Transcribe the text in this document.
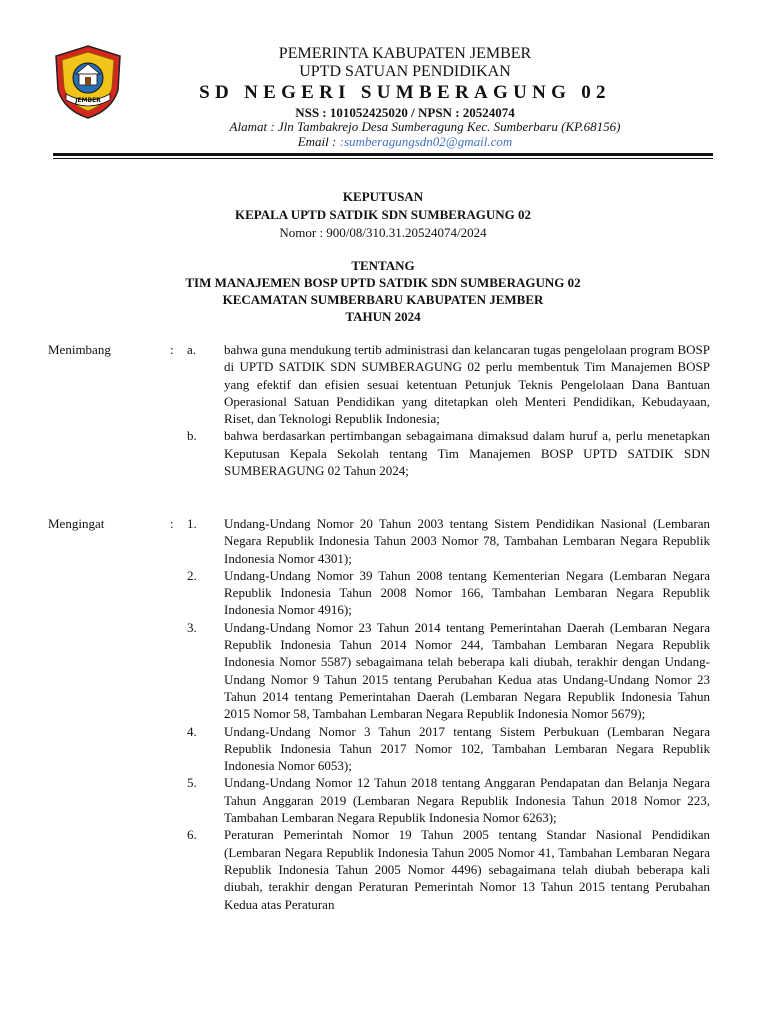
JEMBER
PEMERINTA KABUPATEN JEMBER
UPTD SATUAN PENDIDIKAN
SD NEGERI SUMBERAGUNG 02
NSS : 101052425020 / NPSN : 20524074
Alamat : Jln Tambakrejo Desa Sumberagung Kec. Sumberbaru (KP.68156)
Email : :sumberagungsdn02@gmail.com
KEPUTUSAN
KEPALA UPTD SATDIK SDN SUMBERAGUNG 02
Nomor : 900/08/310.31.20524074/2024
TENTANG
TIM MANAJEMEN BOSP UPTD SATDIK SDN SUMBERAGUNG 02
KECAMATAN SUMBERBARU KABUPATEN JEMBER
TAHUN 2024
Menimbang	: a. bahwa guna mendukung tertib administrasi dan kelancaran tugas pengelolaan program BOSP di UPTD SATDIK SDN SUMBERAGUNG 02 perlu membentuk Tim Manajemen BOSP yang efektif dan efisien sesuai ketentuan Petunjuk Teknis Pengelolaan Dana Bantuan Operasional Satuan Pendidikan yang ditetapkan oleh Menteri Pendidikan, Kebudayaan, Riset, dan Teknologi Republik Indonesia;
b. bahwa berdasarkan pertimbangan sebagaimana dimaksud dalam huruf a, perlu menetapkan Keputusan Kepala Sekolah tentang Tim Manajemen BOSP UPTD SATDIK SDN SUMBERAGUNG 02 Tahun 2024;
Mengingat	: 1. Undang-Undang Nomor 20 Tahun 2003 tentang Sistem Pendidikan Nasional (Lembaran Negara Republik Indonesia Tahun 2003 Nomor 78, Tambahan Lembaran Negara Republik Indonesia Nomor 4301);
2. Undang-Undang Nomor 39 Tahun 2008 tentang Kementerian Negara (Lembaran Negara Republik Indonesia Tahun 2008 Nomor 166, Tambahan Lembaran Negara Republik Indonesia Nomor 4916);
3. Undang-Undang Nomor 23 Tahun 2014 tentang Pemerintahan Daerah (Lembaran Negara Republik Indonesia Tahun 2014 Nomor 244, Tambahan Lembaran Negara Republik Indonesia Nomor 5587) sebagaimana telah beberapa kali diubah, terakhir dengan Undang-Undang Nomor 9 Tahun 2015 tentang Perubahan Kedua atas Undang-Undang Nomor 23 Tahun 2014 tentang Pemerintahan Daerah (Lembaran Negara Republik Indonesia Tahun 2015 Nomor 58, Tambahan Lembaran Negara Republik Indonesia Nomor 5679);
4. Undang-Undang Nomor 3 Tahun 2017 tentang Sistem Perbukuan (Lembaran Negara Republik Indonesia Tahun 2017 Nomor 102, Tambahan Lembaran Negara Republik Indonesia Nomor 6053);
5. Undang-Undang Nomor 12 Tahun 2018 tentang Anggaran Pendapatan dan Belanja Negara Tahun Anggaran 2019 (Lembaran Negara Republik Indonesia Tahun 2018 Nomor 223, Tambahan Lembaran Negara Republik Indonesia Nomor 6263);
6. Peraturan Pemerintah Nomor 19 Tahun 2005 tentang Standar Nasional Pendidikan (Lembaran Negara Republik Indonesia Tahun 2005 Nomor 41, Tambahan Lembaran Negara Republik Indonesia Tahun 2005 Nomor 4496) sebagaimana telah diubah beberapa kali diubah, terakhir dengan Peraturan Pemerintah Nomor 13 Tahun 2015 tentang Perubahan Kedua atas Peraturan
